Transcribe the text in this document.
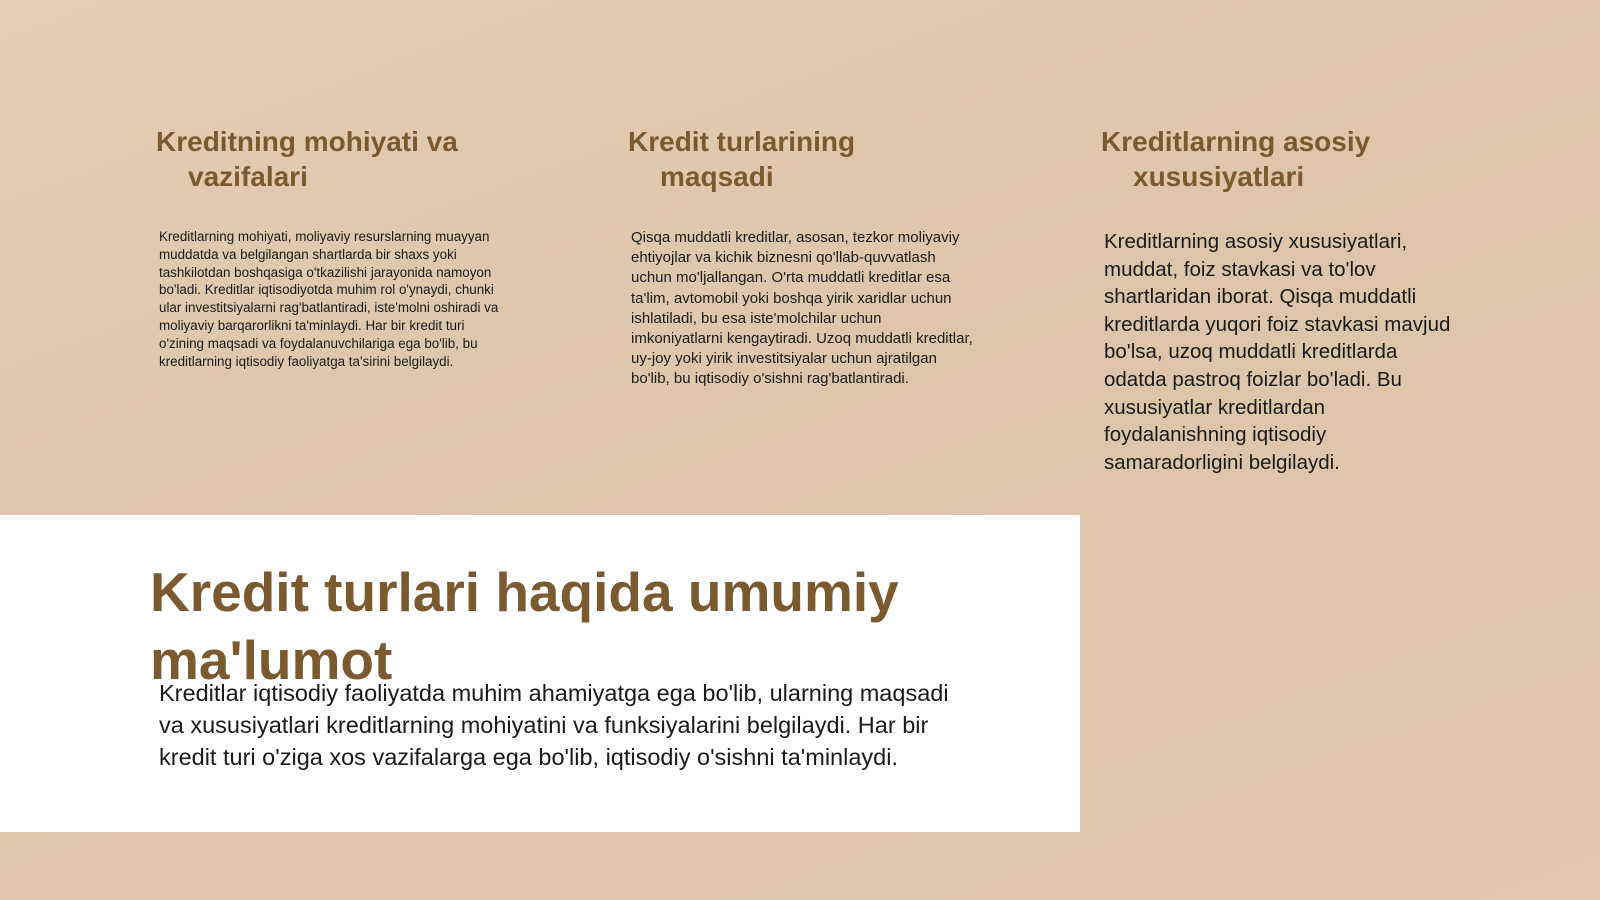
Kreditning mohiyati va vazifalari

Kreditlarning mohiyati, moliyaviy resurslarning muayyan muddatda va belgilangan shartlarda bir shaxs yoki tashkilotdan boshqasiga o'tkazilishi jarayonida namoyon bo'ladi. Kreditlar iqtisodiyotda muhim rol o'ynaydi, chunki ular investitsiyalarni rag'batlantiradi, iste'molni oshiradi va moliyaviy barqarorlikni ta'minlaydi. Har bir kredit turi o'zining maqsadi va foydalanuvchilariga ega bo'lib, bu kreditlarning iqtisodiy faoliyatga ta'sirini belgilaydi.

Kredit turlarining maqsadi

Qisqa muddatli kreditlar, asosan, tezkor moliyaviy ehtiyojlar va kichik biznesni qo'llab-quvvatlash uchun mo'ljallangan. O'rta muddatli kreditlar esa ta'lim, avtomobil yoki boshqa yirik xaridlar uchun ishlatiladi, bu esa iste'molchilar uchun imkoniyatlarni kengaytiradi. Uzoq muddatli kreditlar, uy-joy yoki yirik investitsiyalar uchun ajratilgan bo'lib, bu iqtisodiy o'sishni rag'batlantiradi.

Kreditlarning asosiy xususiyatlari

Kreditlarning asosiy xususiyatlari, muddat, foiz stavkasi va to'lov shartlaridan iborat. Qisqa muddatli kreditlarda yuqori foiz stavkasi mavjud bo'lsa, uzoq muddatli kreditlarda odatda pastroq foizlar bo'ladi. Bu xususiyatlar kreditlardan foydalanishning iqtisodiy samaradorligini belgilaydi.

Kredit turlari haqida umumiy ma'lumot

Kreditlar iqtisodiy faoliyatda muhim ahamiyatga ega bo'lib, ularning maqsadi va xususiyatlari kreditlarning mohiyatini va funksiyalarini belgilaydi. Har bir kredit turi o'ziga xos vazifalarga ega bo'lib, iqtisodiy o'sishni ta'minlaydi.
